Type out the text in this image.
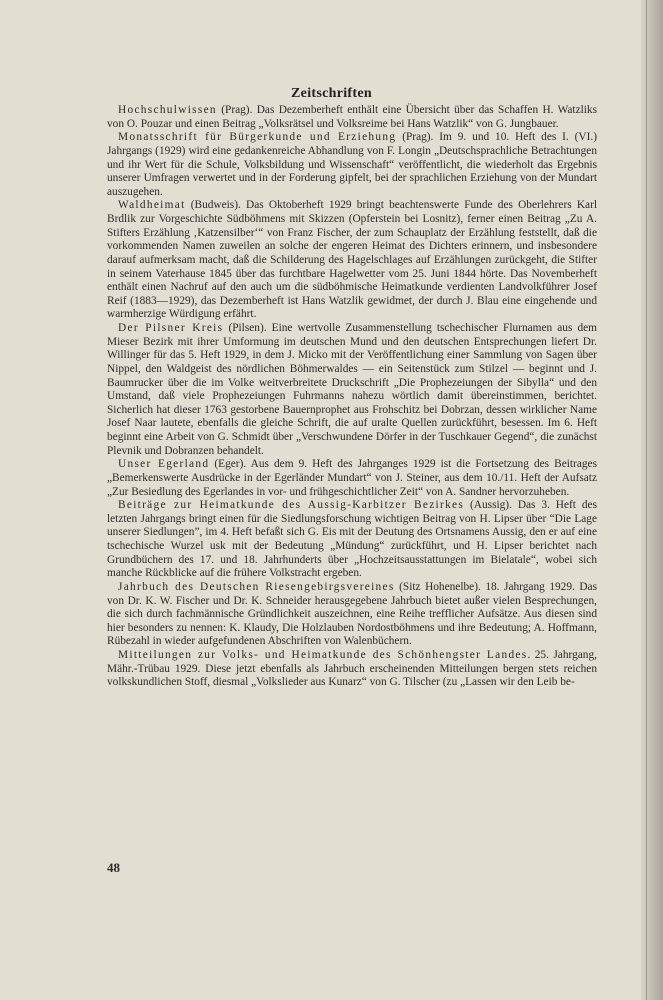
Zeitschriften

Hochschulwissen (Prag). Das Dezemberheft enthält eine Übersicht über das Schaffen H. Watzliks von O. Pouzar und einen Beitrag „Volksrätsel und Volksreime bei Hans Watzlik“ von G. Jungbauer.

Monatsschrift für Bürgerkunde und Erziehung (Prag). Im 9. und 10. Heft des I. (VI.) Jahrgangs (1929) wird eine gedankenreiche Abhandlung von F. Longin „Deutschsprachliche Betrachtungen und ihr Wert für die Schule, Volksbildung und Wissenschaft“ veröffentlicht, die wiederholt das Ergebnis unserer Umfragen verwertet und in der Forderung gipfelt, bei der sprachlichen Erziehung von der Mundart auszugehen.

Waldheimat (Budweis). Das Oktoberheft 1929 bringt beachtenswerte Funde des Oberlehrers Karl Brdlik zur Vorgeschichte Südböhmens mit Skizzen (Opferstein bei Losnitz), ferner einen Beitrag „Zu A. Stifters Erzählung ‚Katzensilber‘“ von Franz Fischer, der zum Schauplatz der Erzählung feststellt, daß die vorkommenden Namen zuweilen an solche der engeren Heimat des Dichters erinnern, und insbesondere darauf aufmerksam macht, daß die Schilderung des Hagelschlages auf Erzählungen zurückgeht, die Stifter in seinem Vaterhause 1845 über das furchtbare Hagelwetter vom 25. Juni 1844 hörte. Das Novemberheft enthält einen Nachruf auf den auch um die südböhmische Heimatkunde verdienten Landvolkführer Josef Reif (1883—1929), das Dezemberheft ist Hans Watzlik gewidmet, der durch J. Blau eine eingehende und warmherzige Würdigung erfährt.

Der Pilsner Kreis (Pilsen). Eine wertvolle Zusammenstellung tschechischer Flurnamen aus dem Mieser Bezirk mit ihrer Umformung im deutschen Mund und den deutschen Entsprechungen liefert Dr. Willinger für das 5. Heft 1929, in dem J. Micko mit der Veröffentlichung einer Sammlung von Sagen über Nippel, den Waldgeist des nördlichen Böhmerwaldes — ein Seitenstück zum Stilzel — beginnt und J. Baumrucker über die im Volke weitverbreitete Druckschrift „Die Prophezeiungen der Sibylla“ und den Umstand, daß viele Prophezeiungen Fuhrmanns nahezu wörtlich damit übereinstimmen, berichtet. Sicherlich hat dieser 1763 gestorbene Bauernprophet aus Frohschitz bei Dobrzan, dessen wirklicher Name Josef Naar lautete, ebenfalls die gleiche Schrift, die auf uralte Quellen zurückführt, besessen. Im 6. Heft beginnt eine Arbeit von G. Schmidt über „Verschwundene Dörfer in der Tuschkauer Gegend“, die zunächst Plevnik und Dobranzen behandelt.

Unser Egerland (Eger). Aus dem 9. Heft des Jahrganges 1929 ist die Fortsetzung des Beitrages „Bemerkenswerte Ausdrücke in der Egerländer Mundart“ von J. Steiner, aus dem 10./11. Heft der Aufsatz „Zur Besiedlung des Egerlandes in vor- und frühgeschichtlicher Zeit“ von A. Sandner hervorzuheben.

Beiträge zur Heimatkunde des Aussig-Karbitzer Bezirkes (Aussig). Das 3. Heft des letzten Jahrgangs bringt einen für die Siedlungsforschung wichtigen Beitrag von H. Lipser über “Die Lage unserer Siedlungen”, im 4. Heft befaßt sich G. Eis mit der Deutung des Ortsnamens Aussig, den er auf eine tschechische Wurzel usk mit der Bedeutung „Mündung“ zurückführt, und H. Lipser berichtet nach Grundbüchern des 17. und 18. Jahrhunderts über „Hochzeitsausstattungen im Bielatale“, wobei sich manche Rückblicke auf die frühere Volkstracht ergeben.

Jahrbuch des Deutschen Riesengebirgsvereines (Sitz Hohenelbe). 18. Jahrgang 1929. Das von Dr. K. W. Fischer und Dr. K. Schneider herausgegebene Jahrbuch bietet außer vielen Besprechungen, die sich durch fachmännische Gründlichkeit auszeichnen, eine Reihe trefflicher Aufsätze. Aus diesen sind hier besonders zu nennen: K. Klaudy, Die Holzlauben Nordostböhmens und ihre Bedeutung; A. Hoffmann, Rübezahl in wieder aufgefundenen Abschriften von Walenbüchern.

Mitteilungen zur Volks- und Heimatkunde des Schönhengster Landes. 25. Jahrgang, Mähr.-Trübau 1929. Diese jetzt ebenfalls als Jahrbuch erscheinenden Mitteilungen bergen stets reichen volkskundlichen Stoff, diesmal „Volkslieder aus Kunarz“ von G. Tilscher (zu „Lassen wir den Leib be-

48
